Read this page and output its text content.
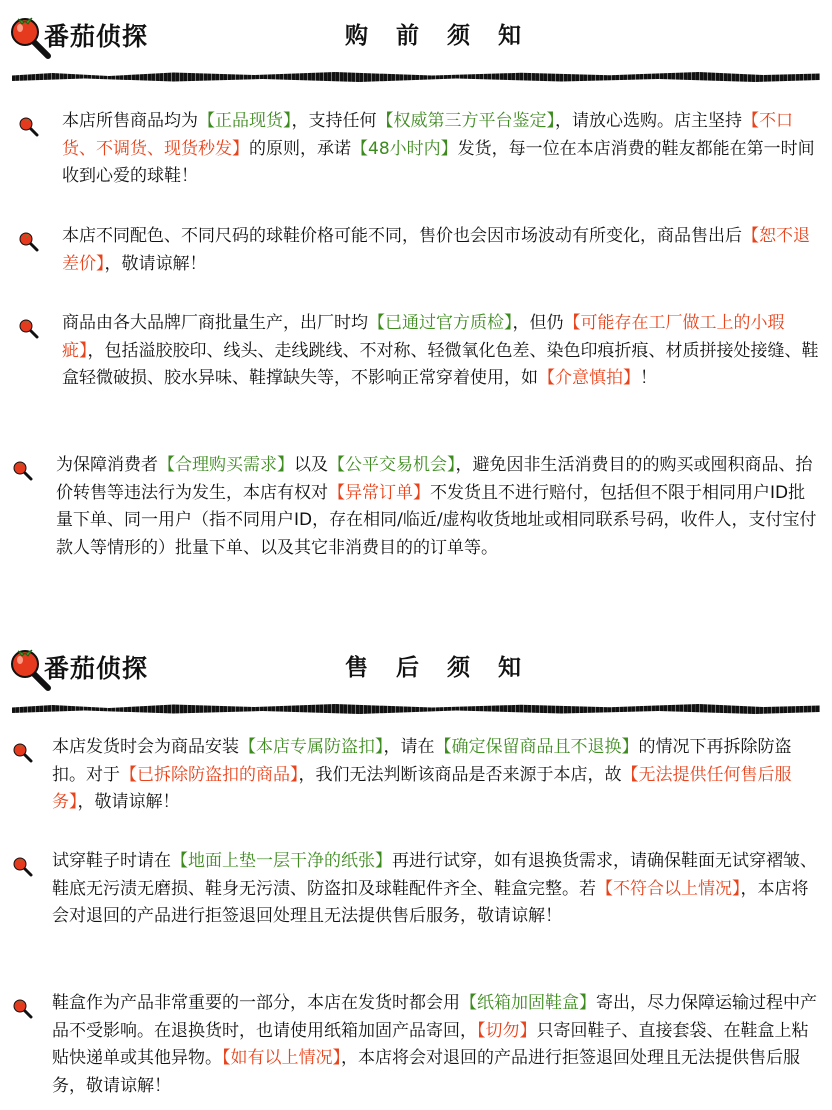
番茄侦探	购 前 须 知
本店所售商品均为【正品现货】，支持任何【权威第三方平台鉴定】，请放心选购。店主坚持【不口货、不调货、现货秒发】的原则，承诺【48小时内】发货，每一位在本店消费的鞋友都能在第一时间收到心爱的球鞋！
本店不同配色、不同尺码的球鞋价格可能不同，售价也会因市场波动有所变化，商品售出后【恕不退差价】，敬请谅解！
商品由各大品牌厂商批量生产，出厂时均【已通过官方质检】，但仍【可能存在工厂做工上的小瑕疵】，包括溢胶胶印、线头、走线跳线、不对称、轻微氧化色差、染色印痕折痕、材质拼接处接缝、鞋盒轻微破损、胶水异味、鞋撑缺失等，不影响正常穿着使用，如【介意慎拍】！
为保障消费者【合理购买需求】以及【公平交易机会】，避免因非生活消费目的的购买或囤积商品、抬价转售等违法行为发生，本店有权对【异常订单】不发货且不进行赔付，包括但不限于相同用户ID批量下单、同一用户（指不同用户ID，存在相同/临近/虚构收货地址或相同联系号码，收件人，支付宝付款人等情形的）批量下单、以及其它非消费目的的订单等。
番茄侦探	售 后 须 知
本店发货时会为商品安装【本店专属防盗扣】，请在【确定保留商品且不退换】的情况下再拆除防盗扣。对于【已拆除防盗扣的商品】，我们无法判断该商品是否来源于本店，故【无法提供任何售后服务】，敬请谅解！
试穿鞋子时请在【地面上垫一层干净的纸张】再进行试穿，如有退换货需求，请确保鞋面无试穿褶皱、鞋底无污渍无磨损、鞋身无污渍、防盗扣及球鞋配件齐全、鞋盒完整。若【不符合以上情况】，本店将会对退回的产品进行拒签退回处理且无法提供售后服务，敬请谅解！
鞋盒作为产品非常重要的一部分，本店在发货时都会用【纸箱加固鞋盒】寄出，尽力保障运输过程中产品不受影响。在退换货时，也请使用纸箱加固产品寄回，【切勿】只寄回鞋子、直接套袋、在鞋盒上粘贴快递单或其他异物。【如有以上情况】，本店将会对退回的产品进行拒签退回处理且无法提供售后服务，敬请谅解！
